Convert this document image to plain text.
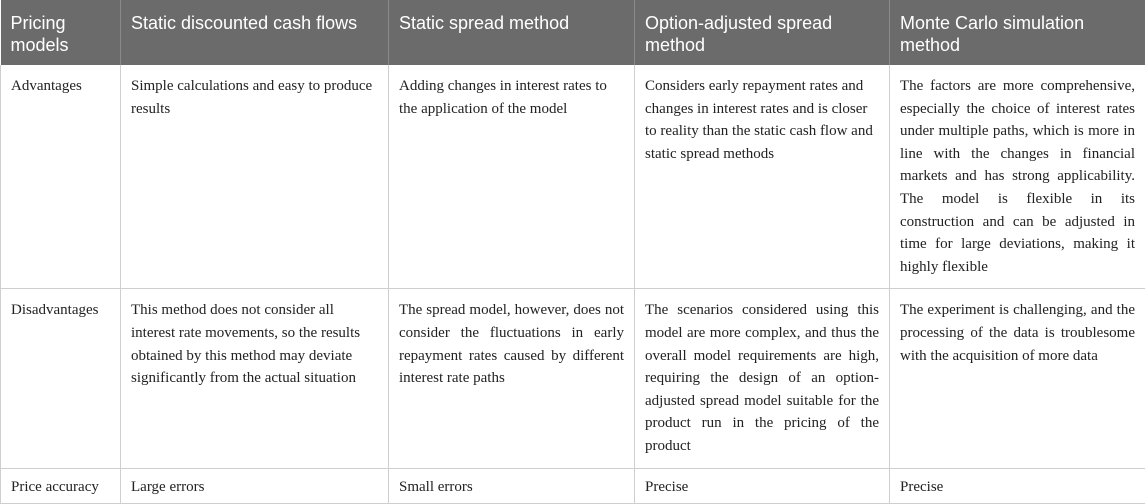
Pricing models	Static discounted cash flows	Static spread method	Option-adjusted spread method	Monte Carlo simulation method
Advantages	Simple calculations and easy to produce results	Adding changes in interest rates to the application of the model	Considers early repayment rates and changes in interest rates and is closer to reality than the static cash flow and static spread methods	The factors are more comprehensive, especially the choice of interest rates under multiple paths, which is more in line with the changes in financial markets and has strong applicability. The model is flexible in its construction and can be adjusted in time for large deviations, making it highly flexible
Disadvantages	This method does not consider all interest rate movements, so the results obtained by this method may deviate significantly from the actual situation	The spread model, however, does not consider the fluctuations in early repayment rates caused by different interest rate paths	The scenarios considered using this model are more complex, and thus the overall model requirements are high, requiring the design of an option-adjusted spread model suitable for the product run in the pricing of the product	The experiment is challenging, and the processing of the data is troublesome with the acquisition of more data
Price accuracy	Large errors	Small errors	Precise	Precise
